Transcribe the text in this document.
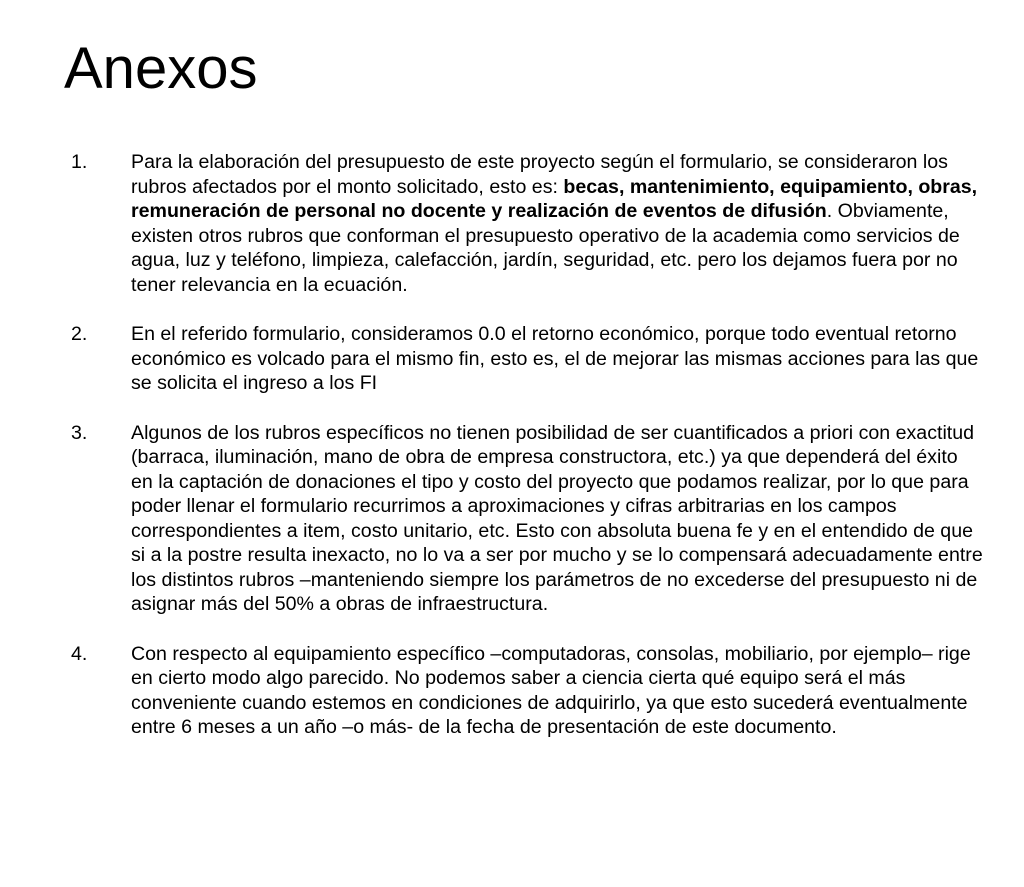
Anexos
1. Para la elaboración del presupuesto de este proyecto según el formulario, se consideraron los rubros afectados por el monto solicitado, esto es: becas, mantenimiento, equipamiento, obras, remuneración de personal no docente y realización de eventos de difusión. Obviamente, existen otros rubros que conforman el presupuesto operativo de la academia como servicios de agua, luz y teléfono, limpieza, calefacción, jardín, seguridad, etc. pero los dejamos fuera por no tener relevancia en la ecuación.

2. En el referido formulario, consideramos 0.0 el retorno económico, porque todo eventual retorno económico es volcado para el mismo fin, esto es, el de mejorar las mismas acciones para las que se solicita el ingreso a los FI

3. Algunos de los rubros específicos no tienen posibilidad de ser cuantificados a priori con exactitud (barraca, iluminación, mano de obra de empresa constructora, etc.) ya que dependerá del éxito en la captación de donaciones el tipo y costo del proyecto que podamos realizar, por lo que para poder llenar el formulario recurrimos a aproximaciones y cifras arbitrarias en los campos correspondientes a item, costo unitario, etc. Esto con absoluta buena fe y en el entendido de que si a la postre resulta inexacto, no lo va a ser por mucho y se lo compensará adecuadamente entre los distintos rubros –manteniendo siempre los parámetros de no excederse del presupuesto ni de asignar más del 50% a obras de infraestructura.

4. Con respecto al equipamiento específico –computadoras, consolas, mobiliario, por ejemplo– rige en cierto modo algo parecido. No podemos saber a ciencia cierta qué equipo será el más conveniente cuando estemos en condiciones de adquirirlo, ya que esto sucederá eventualmente entre 6 meses a un año –o más- de la fecha de presentación de este documento.
